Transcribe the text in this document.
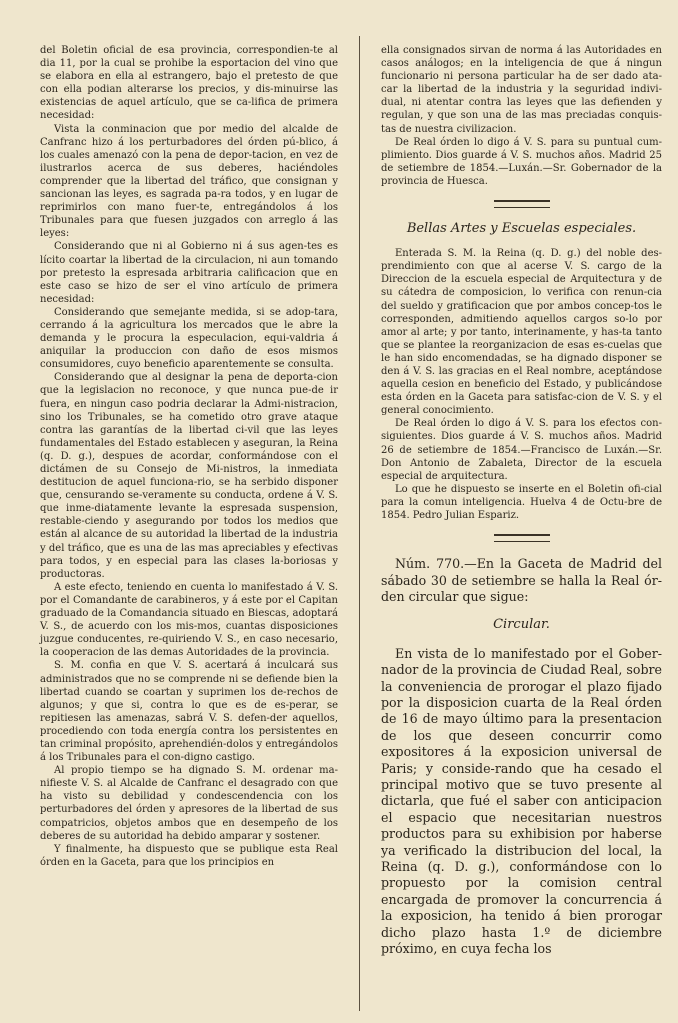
del Boletin oficial de esa provincia, correspondien-te al dia 11, por la cual se prohibe la esportacion del vino que se elabora en ella al estrangero, bajo el pretesto de que con ella podian alterarse los precios, y dis-minuirse las existencias de aquel artículo, que se ca-lifica de primera necesidad:

Vista la conminacion que por medio del alcalde de Canfranc hizo á los perturbadores del órden pú-blico, á los cuales amenazó con la pena de depor-tacion, en vez de ilustrarlos acerca de sus deberes, haciéndoles comprender que la libertad del tráfico, que consignan y sancionan las leyes, es sagrada pa-ra todos, y en lugar de reprimirlos con mano fuer-te, entregándolos á los Tribunales para que fuesen juzgados con arreglo á las leyes:

Considerando que ni al Gobierno ni á sus agen-tes es lícito coartar la libertad de la circulacion, ni aun tomando por pretesto la espresada arbitraria calificacion que en este caso se hizo de ser el vino artículo de primera necesidad:

Considerando que semejante medida, si se adop-tara, cerrando á la agricultura los mercados que le abre la demanda y le procura la especulacion, equi-valdria á aniquilar la produccion con daño de esos mismos consumidores, cuyo beneficio aparentemente se consulta.

Considerando que al designar la pena de deporta-cion que la legislacion no reconoce, y que nunca pue-de ir fuera, en ningun caso podria declarar la Admi-nistracion, sino los Tribunales, se ha cometido otro grave ataque contra las garantías de la libertad ci-vil que las leyes fundamentales del Estado establecen y aseguran, la Reina (q. D. g.), despues de acordar, conformándose con el dictámen de su Consejo de Mi-nistros, la inmediata destitucion de aquel funciona-rio, se ha serbido disponer que, censurando se-veramente su conducta, ordene á V. S. que inme-diatamente levante la espresada suspension, restable-ciendo y asegurando por todos los medios que están al alcance de su autoridad la libertad de la industria y del tráfico, que es una de las mas apreciables y efectivas para todos, y en especial para las clases la-boriosas y productoras.

A este efecto, teniendo en cuenta lo manifestado á V. S. por el Comandante de carabineros, y á este por el Capitan graduado de la Comandancia situado en Biescas, adoptará V. S., de acuerdo con los mis-mos, cuantas disposiciones juzgue conducentes, re-quiriendo V. S., en caso necesario, la cooperacion de las demas Autoridades de la provincia.

S. M. confia en que V. S. acertará á inculcará sus administrados que no se comprende ni se defiende bien la libertad cuando se coartan y suprimen los de-rechos de algunos; y que si, contra lo que es de es-perar, se repitiesen las amenazas, sabrá V. S. defen-der aquellos, procediendo con toda energía contra los persistentes en tan criminal propósito, aprehendién-dolos y entregándolos á los Tribunales para el con-digno castigo.

Al propio tiempo se ha dignado S. M. ordenar ma-nifieste V. S. al Alcalde de Canfranc el desagrado con que ha visto su debilidad y condescendencia con los perturbadores del órden y apresores de la libertad de sus compatricios, objetos ambos que en desempeño de los deberes de su autoridad ha debido amparar y sostener.

Y finalmente, ha dispuesto que se publique esta Real órden en la Gaceta, para que los principios en

ella consignados sirvan de norma á las Autoridades en casos análogos; en la inteligencia de que á ningun funcionario ni persona particular ha de ser dado ata-car la libertad de la industria y la seguridad indivi-dual, ni atentar contra las leyes que las defienden y regulan, y que son una de las mas preciadas conquis-tas de nuestra civilizacion.

De Real órden lo digo á V. S. para su puntual cum-plimiento. Dios guarde á V. S. muchos años. Madrid 25 de setiembre de 1854.—Luxán.—Sr. Gobernador de la provincia de Huesca.

Bellas Artes y Escuelas especiales.

Enterada S. M. la Reina (q. D. g.) del noble des-prendimiento con que al acerse V. S. cargo de la Direccion de la escuela especial de Arquitectura y de su cátedra de composicion, lo verifica con renun-cia del sueldo y gratificacion que por ambos concep-tos le corresponden, admitiendo aquellos cargos so-lo por amor al arte; y por tanto, interinamente, y has-ta tanto que se plantee la reorganizacion de esas es-cuelas que le han sido encomendadas, se ha dignado disponer se den á V. S. las gracias en el Real nombre, aceptándose aquella cesion en beneficio del Estado, y publicándose esta órden en la Gaceta para satisfac-cion de V. S. y el general conocimiento.

De Real órden lo digo á V. S. para los efectos con-siguientes. Dios guarde á V. S. muchos años. Madrid 26 de setiembre de 1854.—Francisco de Luxán.—Sr. Don Antonio de Zabaleta, Director de la escuela especial de arquitectura.

Lo que he dispuesto se inserte en el Boletin ofi-cial para la comun inteligencia. Huelva 4 de Octu-bre de 1854. Pedro Julian Espariz.

Núm. 770.—En la Gaceta de Madrid del sábado 30 de setiembre se halla la Real ór-den circular que sigue:

Circular.

En vista de lo manifestado por el Gober-nador de la provincia de Ciudad Real, sobre la conveniencia de prorogar el plazo fijado por la disposicion cuarta de la Real órden de 16 de mayo último para la presentacion de los que deseen concurrir como expositores á la exposicion universal de Paris; y conside-rando que ha cesado el principal motivo que se tuvo presente al dictarla, que fué el saber con anticipacion el espacio que necesitarian nuestros productos para su exhibision por haberse ya verificado la distribucion del local, la Reina (q. D. g.), conformándose con lo propuesto por la comision central encargada de promover la concurrencia á la exposicion, ha tenido á bien prorogar dicho plazo hasta 1.º de diciembre próximo, en cuya fecha los
